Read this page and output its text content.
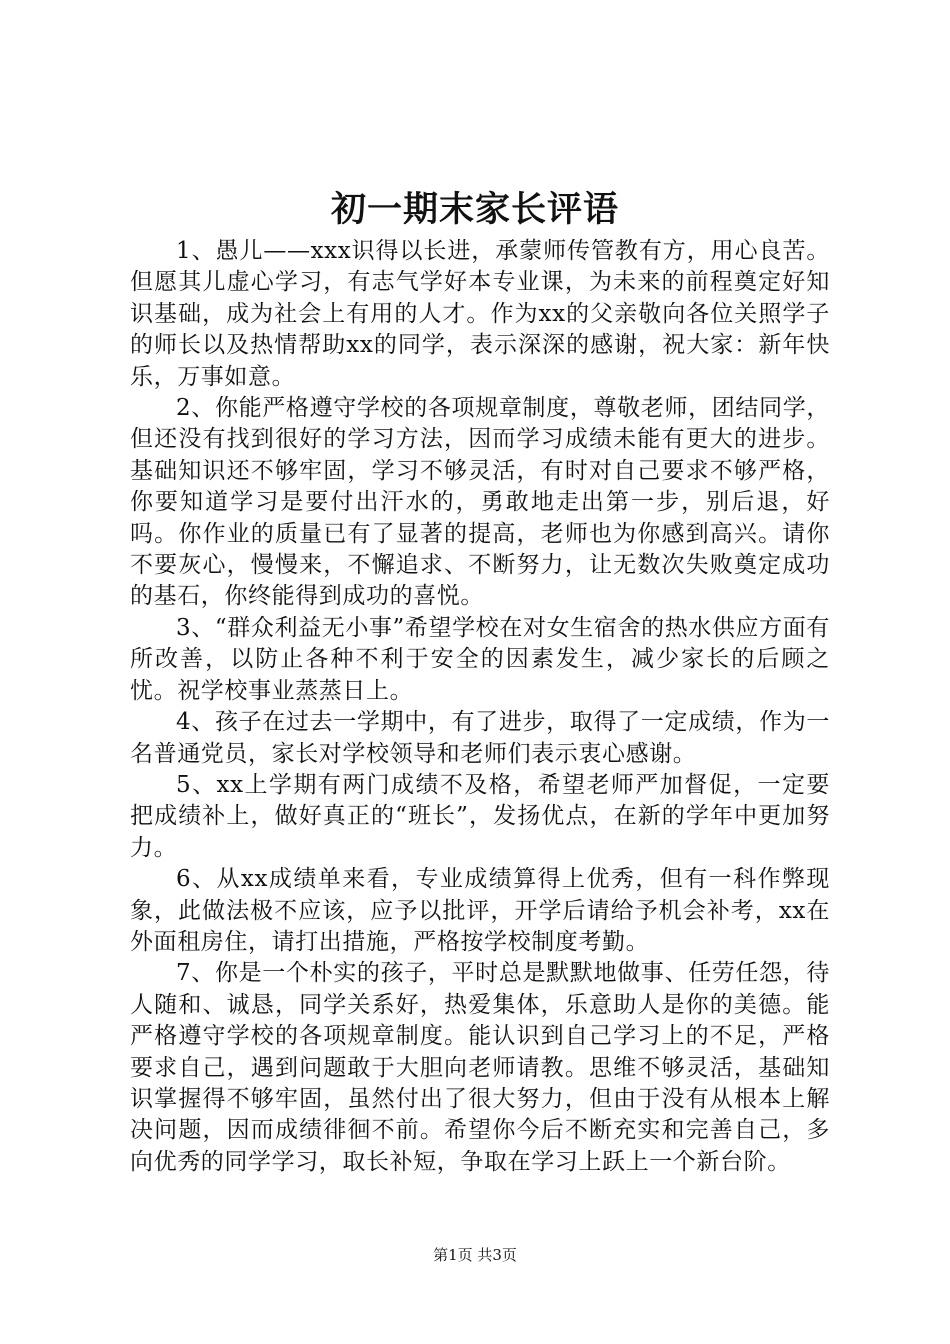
初一期末家长评语

1、愚儿——xxx识得以长进，承蒙师传管教有方，用心良苦。但愿其儿虚心学习，有志气学好本专业课，为未来的前程奠定好知识基础，成为社会上有用的人才。作为xx的父亲敬向各位关照学子的师长以及热情帮助xx的同学，表示深深的感谢，祝大家：新年快乐，万事如意。

2、你能严格遵守学校的各项规章制度，尊敬老师，团结同学，但还没有找到很好的学习方法，因而学习成绩未能有更大的进步。基础知识还不够牢固，学习不够灵活，有时对自己要求不够严格，你要知道学习是要付出汗水的，勇敢地走出第一步，别后退，好吗。你作业的质量已有了显著的提高，老师也为你感到高兴。请你不要灰心，慢慢来，不懈追求、不断努力，让无数次失败奠定成功的基石，你终能得到成功的喜悦。

3、“群众利益无小事”希望学校在对女生宿舍的热水供应方面有所改善，以防止各种不利于安全的因素发生，减少家长的后顾之忧。祝学校事业蒸蒸日上。

4、孩子在过去一学期中，有了进步，取得了一定成绩，作为一名普通党员，家长对学校领导和老师们表示衷心感谢。

5、xx上学期有两门成绩不及格，希望老师严加督促，一定要把成绩补上，做好真正的“班长”，发扬优点，在新的学年中更加努力。

6、从xx成绩单来看，专业成绩算得上优秀，但有一科作弊现象，此做法极不应该，应予以批评，开学后请给予机会补考，xx在外面租房住，请打出措施，严格按学校制度考勤。

7、你是一个朴实的孩子，平时总是默默地做事、任劳任怨，待人随和、诚恳，同学关系好，热爱集体，乐意助人是你的美德。能严格遵守学校的各项规章制度。能认识到自己学习上的不足，严格要求自己，遇到问题敢于大胆向老师请教。思维不够灵活，基础知识掌握得不够牢固，虽然付出了很大努力，但由于没有从根本上解决问题，因而成绩徘徊不前。希望你今后不断充实和完善自己，多向优秀的同学学习，取长补短，争取在学习上跃上一个新台阶。

第1页 共3页
